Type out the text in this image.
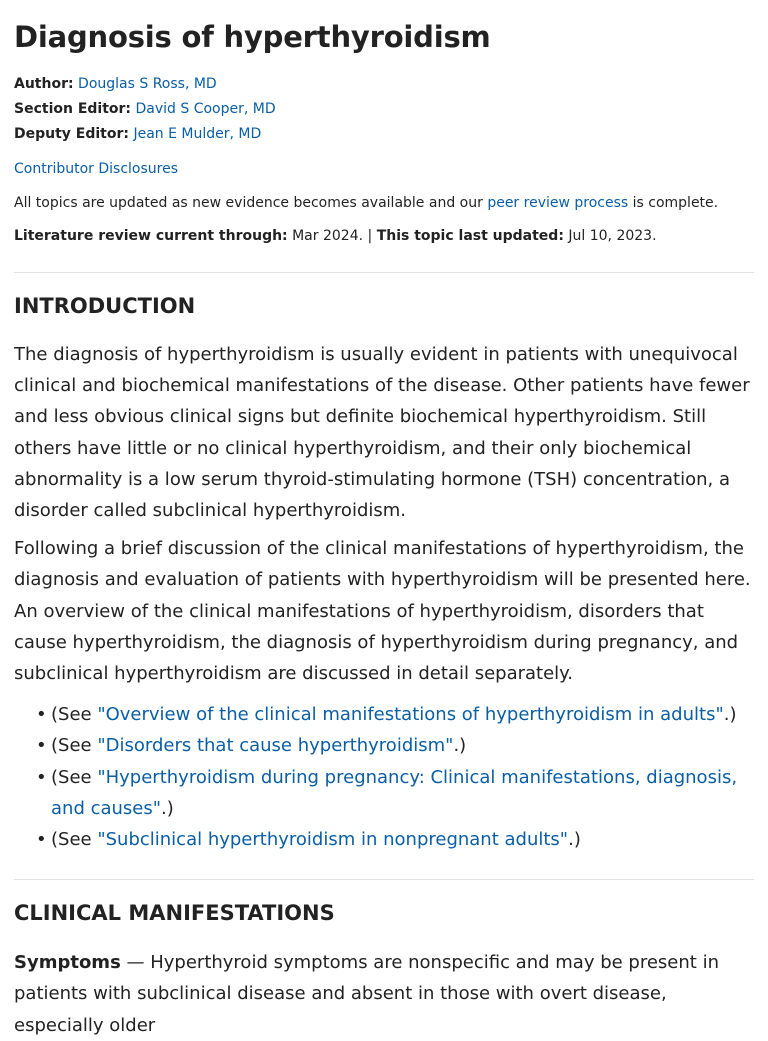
Diagnosis of hyperthyroidism
Author: Douglas S Ross, MD
Section Editor: David S Cooper, MD
Deputy Editor: Jean E Mulder, MD
Contributor Disclosures
All topics are updated as new evidence becomes available and our peer review process is complete.
Literature review current through: Mar 2024. | This topic last updated: Jul 10, 2023.
INTRODUCTION

The diagnosis of hyperthyroidism is usually evident in patients with unequivocal clinical and biochemical manifestations of the disease. Other patients have fewer and less obvious clinical signs but definite biochemical hyperthyroidism. Still others have little or no clinical hyperthyroidism, and their only biochemical abnormality is a low serum thyroid-stimulating hormone (TSH) concentration, a disorder called subclinical hyperthyroidism.

Following a brief discussion of the clinical manifestations of hyperthyroidism, the diagnosis and evaluation of patients with hyperthyroidism will be presented here. An overview of the clinical manifestations of hyperthyroidism, disorders that cause hyperthyroidism, the diagnosis of hyperthyroidism during pregnancy, and subclinical hyperthyroidism are discussed in detail separately.

• (See "Overview of the clinical manifestations of hyperthyroidism in adults".)
• (See "Disorders that cause hyperthyroidism".)
• (See "Hyperthyroidism during pregnancy: Clinical manifestations, diagnosis, and causes".)
• (See "Subclinical hyperthyroidism in nonpregnant adults".)
CLINICAL MANIFESTATIONS

Symptoms — Hyperthyroid symptoms are nonspecific and may be present in patients with subclinical disease and absent in those with overt disease, especially older
